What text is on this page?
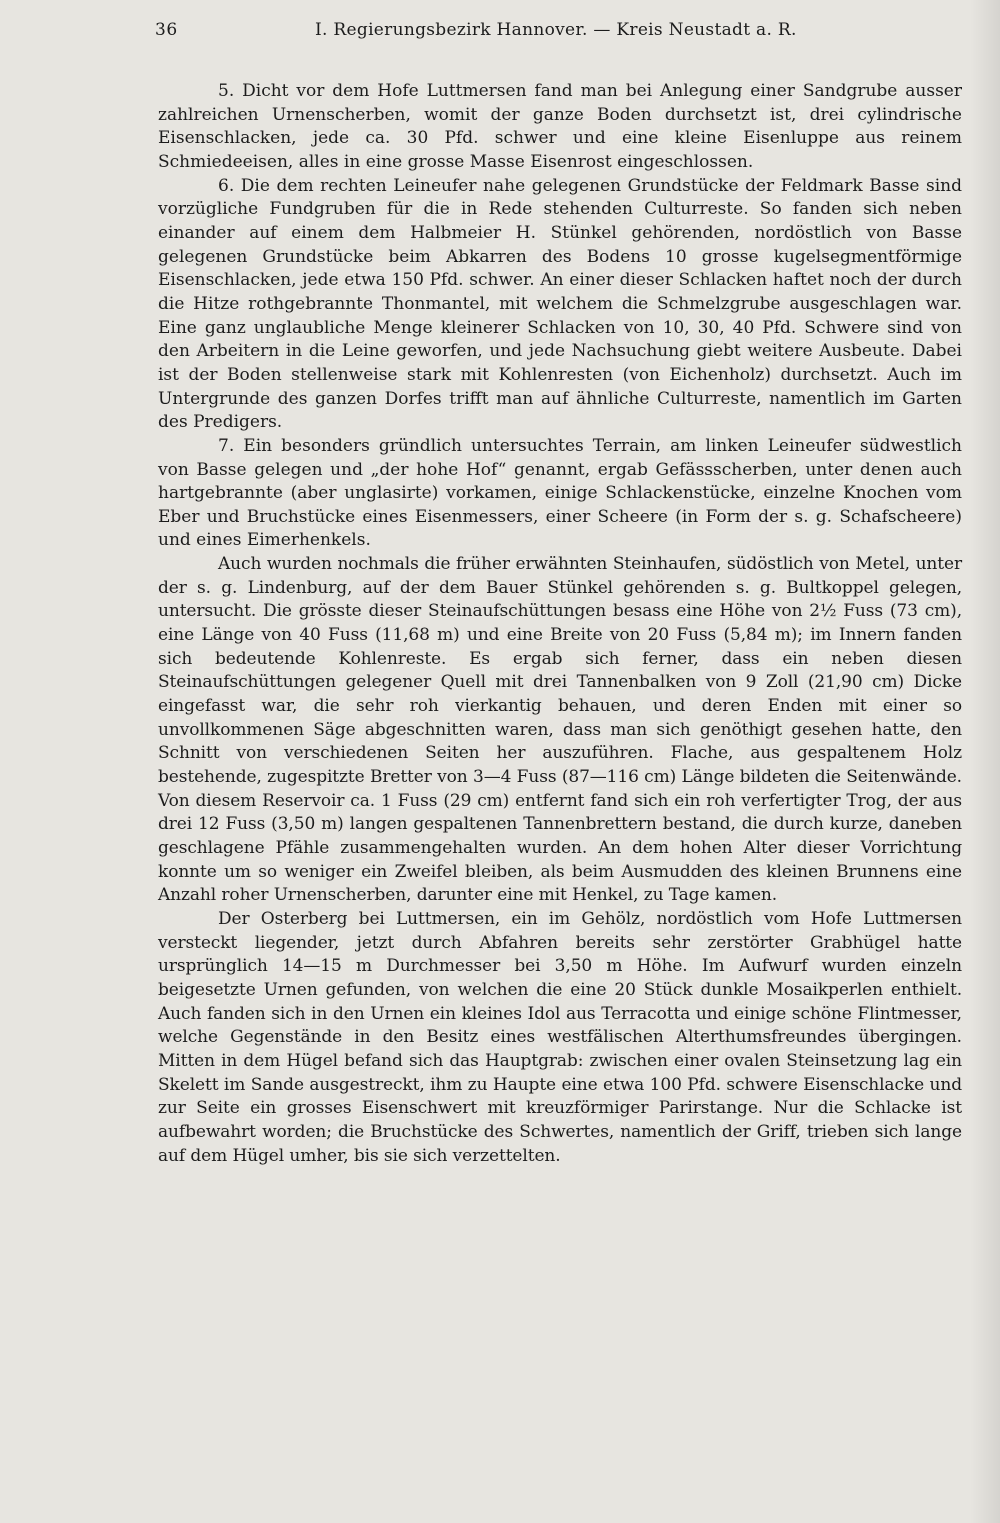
36	I. Regierungsbezirk Hannover. — Kreis Neustadt a. R.

5. Dicht vor dem Hofe Luttmersen fand man bei Anlegung einer Sandgrube ausser zahlreichen Urnenscherben, womit der ganze Boden durchsetzt ist, drei cylindrische Eisenschlacken, jede ca. 30 Pfd. schwer und eine kleine Eisenluppe aus reinem Schmiedeeisen, alles in eine grosse Masse Eisenrost eingeschlossen.

6. Die dem rechten Leineufer nahe gelegenen Grundstücke der Feldmark Basse sind vorzügliche Fundgruben für die in Rede stehenden Culturreste. So fanden sich neben einander auf einem dem Halbmeier H. Stünkel gehörenden, nordöstlich von Basse gelegenen Grundstücke beim Abkarren des Bodens 10 grosse kugelsegmentförmige Eisenschlacken, jede etwa 150 Pfd. schwer. An einer dieser Schlacken haftet noch der durch die Hitze rothgebrannte Thonmantel, mit welchem die Schmelzgrube ausgeschlagen war. Eine ganz unglaubliche Menge kleinerer Schlacken von 10, 30, 40 Pfd. Schwere sind von den Arbeitern in die Leine geworfen, und jede Nachsuchung giebt weitere Ausbeute. Dabei ist der Boden stellenweise stark mit Kohlenresten (von Eichenholz) durchsetzt. Auch im Untergrunde des ganzen Dorfes trifft man auf ähnliche Culturreste, namentlich im Garten des Predigers.

7. Ein besonders gründlich untersuchtes Terrain, am linken Leineufer südwestlich von Basse gelegen und „der hohe Hof“ genannt, ergab Gefässscherben, unter denen auch hartgebrannte (aber unglasirte) vorkamen, einige Schlackenstücke, einzelne Knochen vom Eber und Bruchstücke eines Eisenmessers, einer Scheere (in Form der s. g. Schafscheere) und eines Eimerhenkels.

Auch wurden nochmals die früher erwähnten Steinhaufen, südöstlich von Metel, unter der s. g. Lindenburg, auf der dem Bauer Stünkel gehörenden s. g. Bultkoppel gelegen, untersucht. Die grösste dieser Steinaufschüttungen besass eine Höhe von 2½ Fuss (73 cm), eine Länge von 40 Fuss (11,68 m) und eine Breite von 20 Fuss (5,84 m); im Innern fanden sich bedeutende Kohlenreste. Es ergab sich ferner, dass ein neben diesen Steinaufschüttungen gelegener Quell mit drei Tannenbalken von 9 Zoll (21,90 cm) Dicke eingefasst war, die sehr roh vierkantig behauen, und deren Enden mit einer so unvollkommenen Säge abgeschnitten waren, dass man sich genöthigt gesehen hatte, den Schnitt von verschiedenen Seiten her auszuführen. Flache, aus gespaltenem Holz bestehende, zugespitzte Bretter von 3—4 Fuss (87—116 cm) Länge bildeten die Seitenwände. Von diesem Reservoir ca. 1 Fuss (29 cm) entfernt fand sich ein roh verfertigter Trog, der aus drei 12 Fuss (3,50 m) langen gespaltenen Tannenbrettern bestand, die durch kurze, daneben geschlagene Pfähle zusammengehalten wurden. An dem hohen Alter dieser Vorrichtung konnte um so weniger ein Zweifel bleiben, als beim Ausmudden des kleinen Brunnens eine Anzahl roher Urnenscherben, darunter eine mit Henkel, zu Tage kamen.

Der Osterberg bei Luttmersen, ein im Gehölz, nordöstlich vom Hofe Luttmersen versteckt liegender, jetzt durch Abfahren bereits sehr zerstörter Grabhügel hatte ursprünglich 14—15 m Durchmesser bei 3,50 m Höhe. Im Aufwurf wurden einzeln beigesetzte Urnen gefunden, von welchen die eine 20 Stück dunkle Mosaikperlen enthielt. Auch fanden sich in den Urnen ein kleines Idol aus Terracotta und einige schöne Flintmesser, welche Gegenstände in den Besitz eines westfälischen Alterthumsfreundes übergingen. Mitten in dem Hügel befand sich das Hauptgrab: zwischen einer ovalen Steinsetzung lag ein Skelett im Sande ausgestreckt, ihm zu Haupte eine etwa 100 Pfd. schwere Eisenschlacke und zur Seite ein grosses Eisenschwert mit kreuzförmiger Parirstange. Nur die Schlacke ist aufbewahrt worden; die Bruchstücke des Schwertes, namentlich der Griff, trieben sich lange auf dem Hügel umher, bis sie sich verzettelten.
